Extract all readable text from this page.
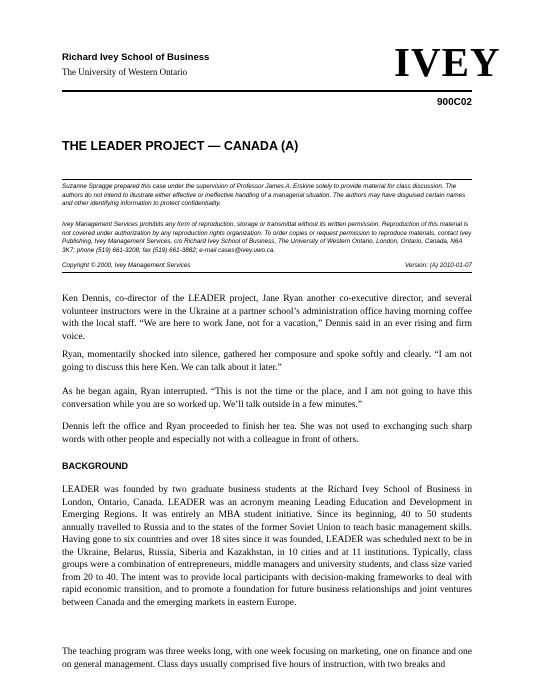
Richard Ivey School of Business
The University of Western Ontario	IVEY
900C02
THE LEADER PROJECT — CANADA (A)
Suzanne Spragge prepared this case under the supervision of Professor James A. Erskine solely to provide material for class discussion. The authors do not intend to illustrate either effective or ineffective handling of a managerial situation. The authors may have disguised certain names and other identifying information to protect confidentiality.
Ivey Management Services prohibits any form of reproduction, storage or transmittal without its written permission. Reproduction of this material is not covered under authorization by any reproduction rights organization. To order copies or request permission to reproduce materials, contact Ivey Publishing, Ivey Management Services, c/o Richard Ivey School of Business, The University of Western Ontario, London, Ontario, Canada, N6A 3K7; phone (519) 661-3208; fax (519) 661-3882; e-mail cases@ivey.uwo.ca.
Copyright © 2000, Ivey Management Services	Version: (A) 2010-01-07
Ken Dennis, co-director of the LEADER project, Jane Ryan another co-executive director, and several volunteer instructors were in the Ukraine at a partner school’s administration office having morning coffee with the local staff. “We are here to work Jane, not for a vacation,” Dennis said in an ever rising and firm voice.
Ryan, momentarily shocked into silence, gathered her composure and spoke softly and clearly. “I am not going to discuss this here Ken. We can talk about it later.”
As he began again, Ryan interrupted. “This is not the time or the place, and I am not going to have this conversation while you are so worked up. We’ll talk outside in a few minutes.”
Dennis left the office and Ryan proceeded to finish her tea. She was not used to exchanging such sharp words with other people and especially not with a colleague in front of others.
BACKGROUND
LEADER was founded by two graduate business students at the Richard Ivey School of Business in London, Ontario, Canada. LEADER was an acronym meaning Leading Education and Development in Emerging Regions. It was entirely an MBA student initiative. Since its beginning, 40 to 50 students annually travelled to Russia and to the states of the former Soviet Union to teach basic management skills. Having gone to six countries and over 18 sites since it was founded, LEADER was scheduled next to be in the Ukraine, Belarus, Russia, Siberia and Kazakhstan, in 10 cities and at 11 institutions. Typically, class groups were a combination of entrepreneurs, middle managers and university students, and class size varied from 20 to 40. The intent was to provide local participants with decision-making frameworks to deal with rapid economic transition, and to promote a foundation for future business relationships and joint ventures between Canada and the emerging markets in eastern Europe.
The teaching program was three weeks long, with one week focusing on marketing, one on finance and one on general management. Class days usually comprised five hours of instruction, with two breaks and
